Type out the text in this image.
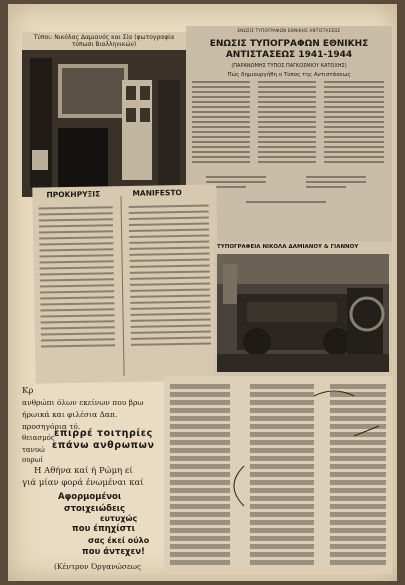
Τύποι: Νικόλας Δαμιανός και Σία (φωτογραφία τύπωσι Βιαλληνικών)
ΕΝΩΣΙΣ ΤΥΠΟΓΡΑΦΩΝ ΕΘΝΙΚΗΣ ΑΝΤΙΣΤΑΣΕΩΣ
ΕΝΩΣΙΣ ΤΥΠΟΓΡΑΦΩΝ ΕΘΝΙΚΗΣ ΑΝΤΙΣΤΑΣΕΩΣ 1941-1944
(ΠΑΡΑΝΟΜΗΣ ΤΥΠΟΣ ΠΑΓΚΟΣΜΙΟΥ ΚΑΤΟΧΗΣ)
Πώς δημιουργήθη ο Τύπος της Αντιστάσεως
ΠΡΟΚΗΡΥΞΙΣ	MANIFESTO
ΤΥΠΟΓΡΑΦΕΙΑ ΝΙΚΟΛΑ ΔΑΜΙΑΝΟΥ & ΓΙΑΝΝΟΥ
Κρ
ανθρώπι όλων εκείνων που βρω
ήρωικά και φιλέσια Δαπ.
προσηγόρια τό.
επιρρέ τοιτηρίες
επάνω ανθρωπων
θειασμός
τανυώ
ουρωί
Η Αθήνα καί ή Ρώμη εί
γιά μίαν φορά ένωμέναι καί
Αφορμομένοι
στοιχειώδεις
ευτυχώς
που έπηχίστι
σας έκεί ούλο
που άντεχεν!
(Κέντρον Όργανώσεως
